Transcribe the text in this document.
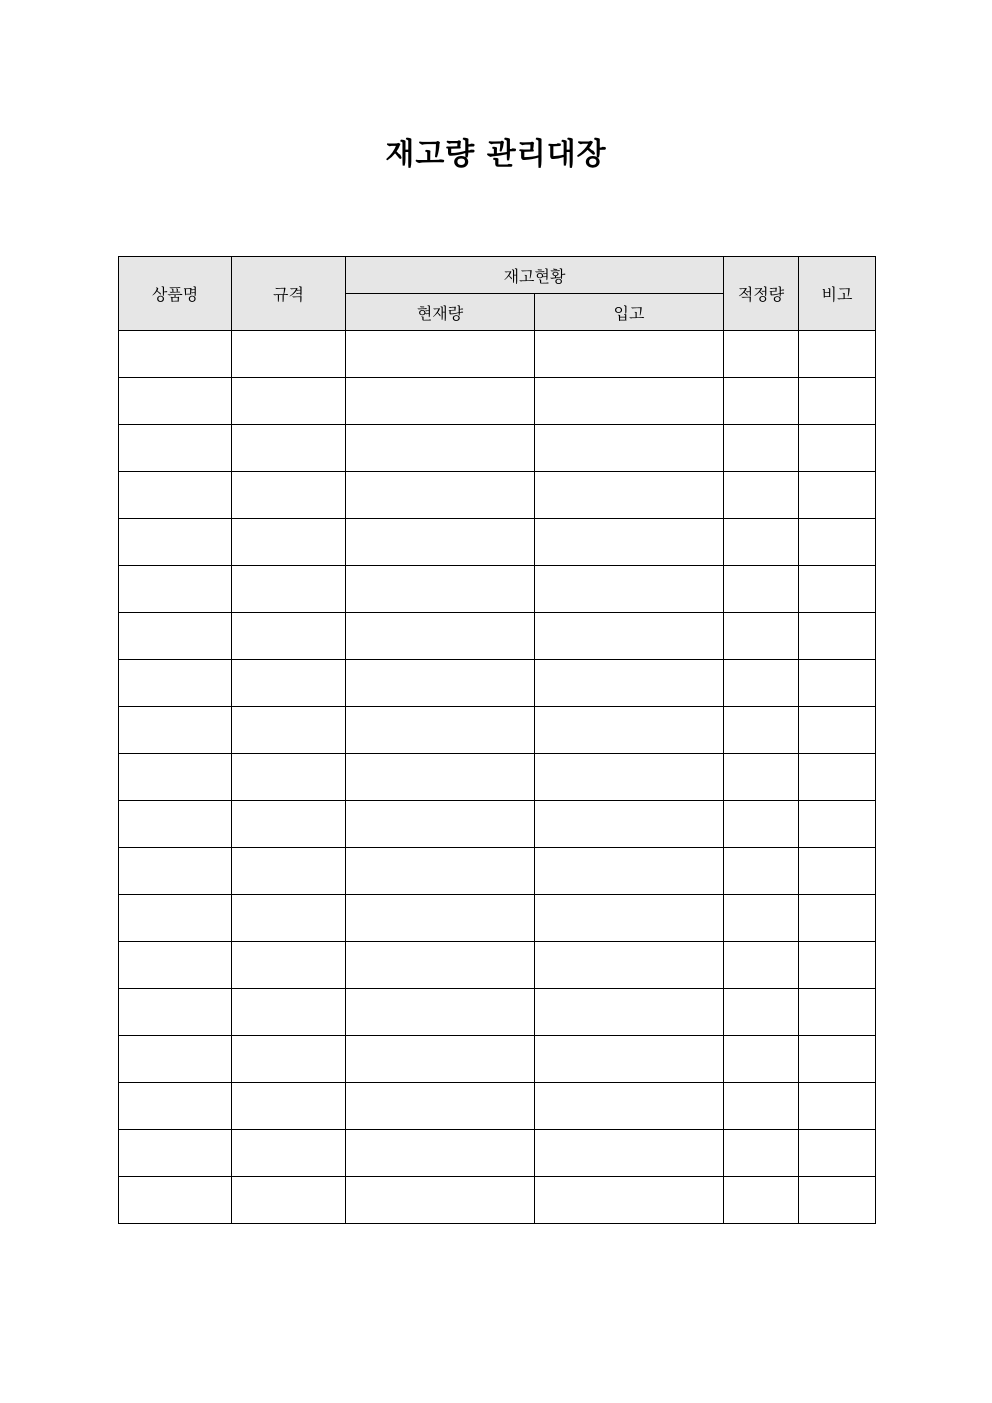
재고량 관리대장
상품명	규격	재고현황		적정량	비고
		현재량	입고		
